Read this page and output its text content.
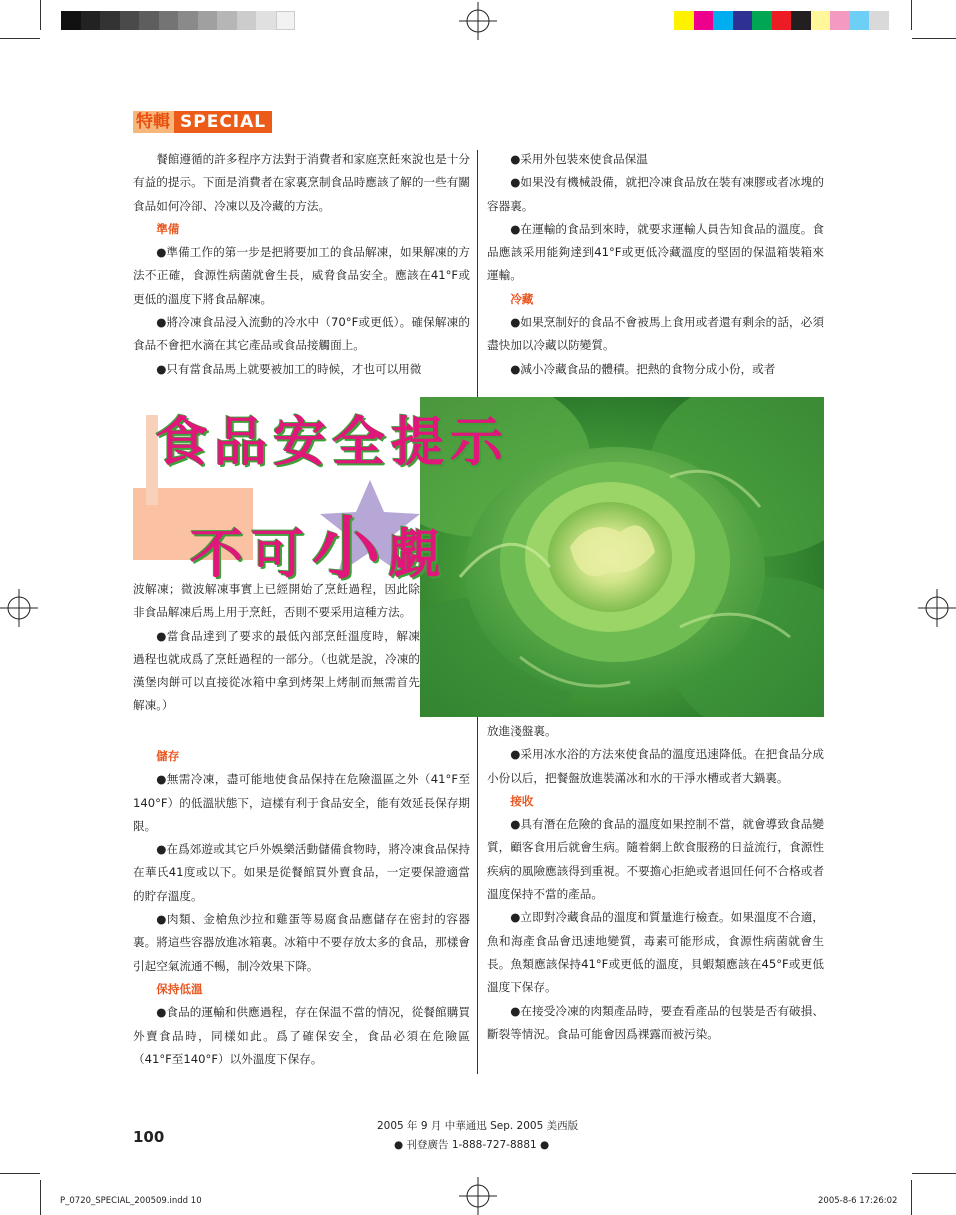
特輯 SPECIAL

餐館遵循的許多程序方法對于消費者和家庭烹飪來說也是十分有益的提示。下面是消費者在家裏烹制食品時應該了解的一些有關食品如何冷卻、冷凍以及冷藏的方法。

準備

●準備工作的第一步是把將要加工的食品解凍，如果解凍的方法不正確，食源性病菌就會生長，威脅食品安全。應該在41°F或更低的溫度下將食品解凍。

●將冷凍食品浸入流動的冷水中（70°F或更低）。確保解凍的食品不會把水滴在其它產品或食品接觸面上。

●只有當食品馬上就要被加工的時候，才也可以用微

波解凍；微波解凍事實上已經開始了烹飪過程，因此除非食品解凍后馬上用于烹飪，否則不要采用這種方法。

●當食品達到了要求的最低內部烹飪溫度時，解凍過程也就成爲了烹飪過程的一部分。（也就是說，冷凍的漢堡肉餅可以直接從冰箱中拿到烤架上烤制而無需首先解凍。）

儲存

●無需冷凍，盡可能地使食品保持在危險溫區之外（41°F至140°F）的低溫狀態下，這樣有利于食品安全，能有效延長保存期限。

●在爲郊遊或其它戶外娛樂活動儲備食物時，將冷凍食品保持在華氏41度或以下。如果是從餐館買外賣食品，一定要保證適當的貯存溫度。

●肉類、金槍魚沙拉和雞蛋等易腐食品應儲存在密封的容器裏。將這些容器放進冰箱裏。冰箱中不要存放太多的食品，那樣會引起空氣流通不暢，制冷效果下降。

保持低溫

●食品的運輸和供應過程，存在保温不當的情况，從餐館購買外賣食品時，同樣如此。爲了確保安全，食品必須在危險區（41°F至140°F）以外溫度下保存。

●采用外包裝來使食品保温

●如果没有機械設備，就把冷凍食品放在裝有凍膠或者冰塊的容器裏。

●在運輸的食品到來時，就要求運輸人員告知食品的溫度。食品應該采用能夠達到41°F或更低冷藏溫度的堅固的保温箱裝箱來運輸。

冷藏

●如果烹制好的食品不會被馬上食用或者還有剩余的話，必須盡快加以冷藏以防變質。

●減小冷藏食品的體積。把熱的食物分成小份，或者

放進淺盤裏。

●采用冰水浴的方法來使食品的溫度迅速降低。在把食品分成小份以后，把餐盤放進裝滿冰和水的干淨水槽或者大鍋裏。

接收

●具有潛在危險的食品的溫度如果控制不當，就會導致食品變質，顧客食用后就會生病。隨着網上飲食服務的日益流行，食源性疾病的風險應該得到重視。不要擔心拒絶或者退回任何不合格或者溫度保持不當的產品。

●立即對冷藏食品的溫度和質量進行檢查。如果溫度不合適，魚和海產食品會迅速地變質，毒素可能形成，食源性病菌就會生長。魚類應該保持41°F或更低的溫度，貝蝦類應該在45°F或更低溫度下保存。

●在接受冷凍的肉類產品時，要查看產品的包裝是否有破損、斷裂等情況。食品可能會因爲裸露而被污染。

食品安全提示
不可小覷
100
2005 年 9 月 中華通迅 Sep. 2005 美西版
● 刊登廣告 1-888-727-8881 ●
P_0720_SPECIAL_200509.indd 10	2005-8-6 17:26:02
